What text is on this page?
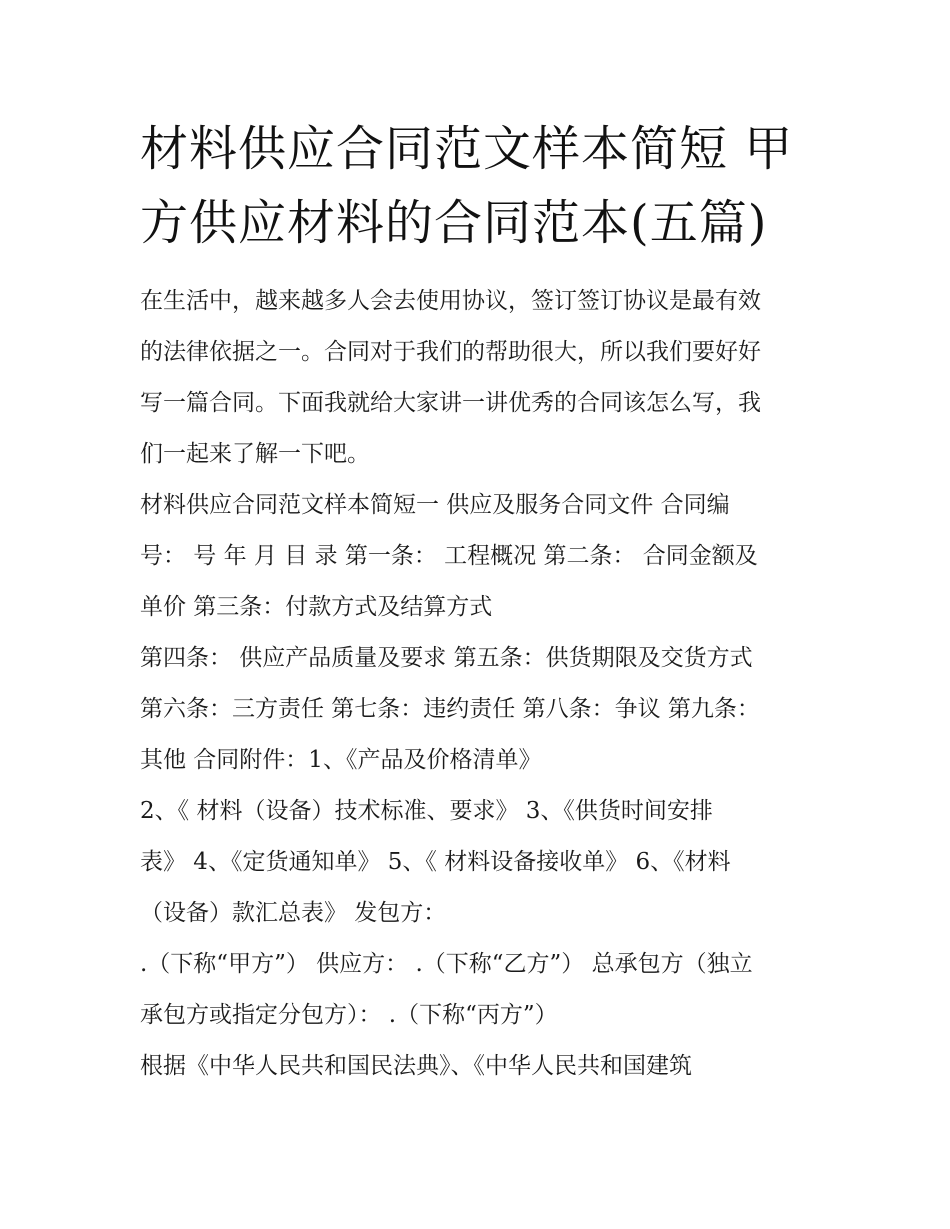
材料供应合同范文样本简短 甲
方供应材料的合同范本(五篇)

在生活中，越来越多人会去使用协议，签订签订协议是最有效
的法律依据之一。合同对于我们的帮助很大，所以我们要好好
写一篇合同。下面我就给大家讲一讲优秀的合同该怎么写，我
们一起来了解一下吧。

材料供应合同范文样本简短一 供应及服务合同文件 合同编
号： 号 年 月 目 录 第一条： 工程概况 第二条： 合同金额及
单价 第三条：付款方式及结算方式

第四条： 供应产品质量及要求 第五条：供货期限及交货方式
第六条：三方责任 第七条：违约责任 第八条：争议 第九条：
其他 合同附件：1、《产品及价格清单》

2、《 材料（设备）技术标准、要求》 3、《供货时间安排
表》 4、《定货通知单》 5、《 材料设备接收单》 6、《材料
（设备）款汇总表》 发包方：

.（下称“甲方”） 供应方： .（下称“乙方”） 总承包方（独立
承包方或指定分包方）： .（下称“丙方”）

根据《中华人民共和国民法典》、《中华人民共和国建筑
